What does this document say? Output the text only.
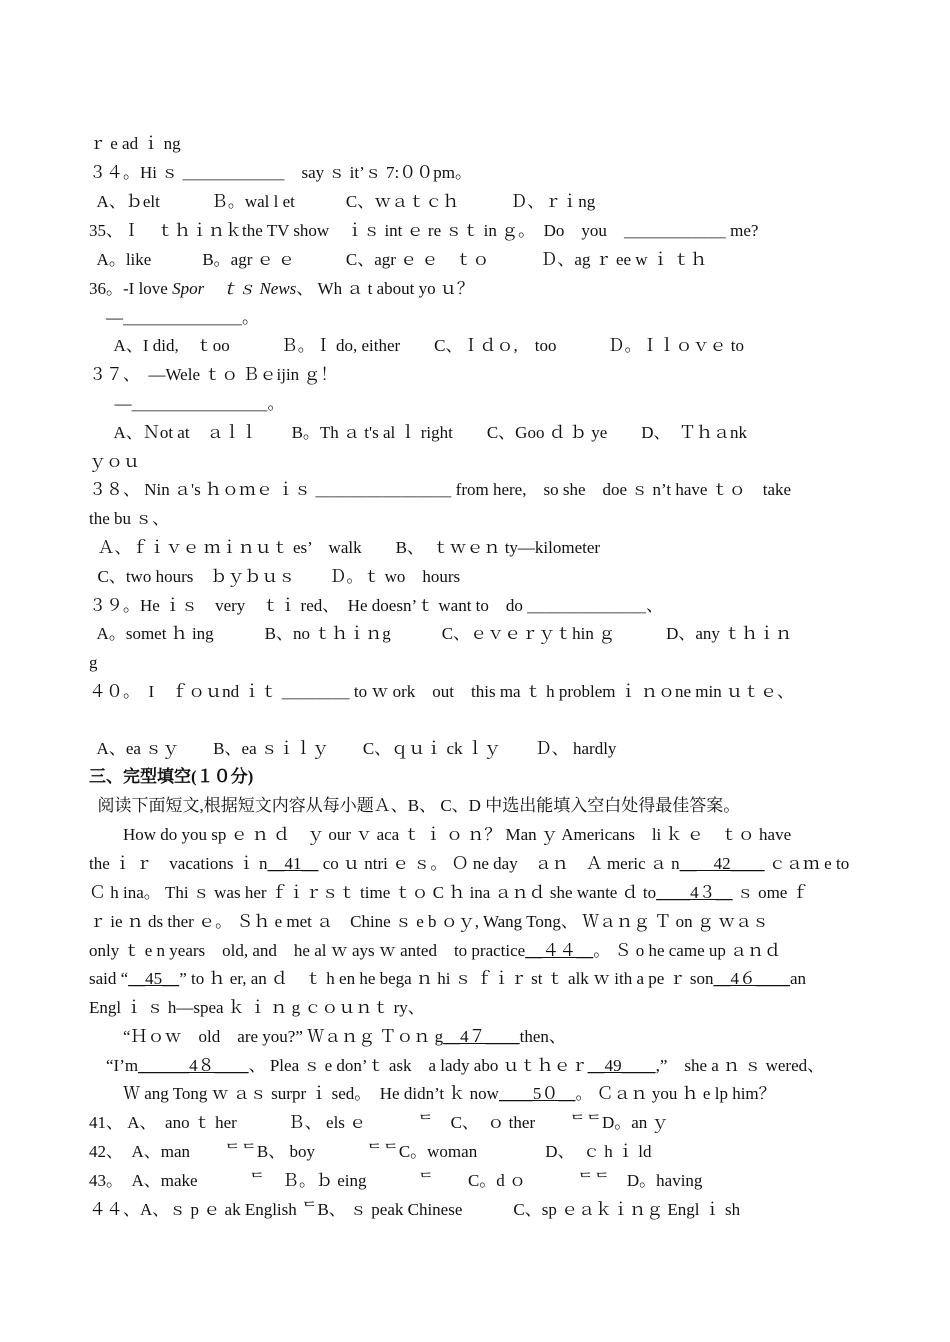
ｒ e ad ｉ ng
３４。Hi ｓ ＿＿＿＿＿＿　say ｓ it’ｓ 7:００pm。
A、ｂelt　　　Ｂ。wal l et　　　C、ｗａｔｃｈ　　　Ｄ、ｒｉng
35、Ｉ　ｔｈｉｎｋthe TV show　ｉｓ int ｅ re ｓｔ in ｇ。　Do　you　＿＿＿＿＿＿ me?
A。like　　　B。agr ｅ ｅ　　　C、agr ｅ ｅ　ｔｏ　　　Ｄ、ag ｒ ee w ｉ ｔｈ
36。-I love Spor　ｔｓ News、 Wh ａ t about yo ｕ？
　—＿＿＿＿＿＿＿。
　  A、I did,　ｔoo　　　Ｂ。Ｉ do, either　　C、Ｉｄｏ,　too　　　Ｄ。Ｉｌｏｖｅ to
３７、　—Wele ｔｏ Ｂｅijin ｇ！
　  —＿＿＿＿＿＿＿＿。
　  A、Ｎot at　ａｌｌ　　B。Th ａ t's al ｌ right　　C、Goo ｄ ｂ ye　　D、　Ｔｈａnk
ｙｏｕ
３８、 Nin ａ's ｈｏｍｅ ｉｓ ＿＿＿＿＿＿＿＿ from here,　so she　doe ｓ n’t have ｔｏ　take
the bu ｓ、
Ａ、ｆｉｖｅ ｍｉｎｕｔ es’　walk　　B、　ｔｗｅｎ ty—kilometer
C、two hours　ｂｙｂｕｓ　　Ｄ。ｔ wo　hours
３９。He ｉｓ　very　ｔｉ red、　He doesn’ｔ want to　do ＿＿＿＿＿＿＿、
A。somet ｈ ing　　　B、no ｔｈｉｎg　　　C、ｅｖｅｒｙｔhin ｇ　　　D、any ｔｈｉｎ
g
４０。　I　ｆｏｕnd ｉｔ ＿＿＿＿ to ｗ ork　out　this ma ｔ h problem ｉ ｎｏne min ｕｔｅ、
A、ea ｓｙ　　B、ea ｓｉｌｙ　　C、ｑｕｉ ck ｌｙ　　Ｄ、 hardly
三、完型填空(１０分)
阅读下面短文,根据短文内容从每小题Ａ、B、 C、D 中选出能填入空白处得最佳答案。
　　How do you sp ｅ ｎ ｄ　ｙ our ｖ aca ｔ ｉ ｏ ｎ？ Man ｙ Americans　li ｋ ｅ　ｔｏ have
the ｉ ｒ　vacations ｉ n＿41＿ co ｕ ntri ｅ ｓ。 Ｏ ne day　ａｎ　Ａ meric ａ n＿　42＿＿ ｃａｍ e to
Ｃ h ina。 Thi ｓ was her ｆｉｒｓｔ time ｔｏ C ｈ ina ａｎｄ she wante ｄ to＿＿4３＿ ｓ ome ｆ
ｒ ie ｎ ds ther ｅ。 Ｓｈ e met ａ　Chine ｓ e b ｏｙ, Wang Tong、 Ｗａｎｇ Ｔ on ｇ ｗａｓ
only ｔ e n years　old, and　he al ｗ ays ｗ anted　to practice＿４４＿。 Ｓ o he came up ａｎｄ
said “＿45＿” to ｈ er, an ｄ　ｔ h en he bega ｎ hi ｓ ｆｉｒ st ｔ alk ｗ ith a pe ｒ son＿4６＿＿an
Engl ｉ ｓ h—spea ｋ ｉ ｎ g ｃｏｕｎｔ ry、
　　“Ｈｏｗ　old　are you?” Ｗａｎｇ Ｔｏｎ g＿4７＿＿then、
　“I’m＿＿＿4８＿＿、 Plea ｓ e don’ｔ ask　a lady abo ｕｔｈｅｒ＿49＿＿,”　she a ｎ ｓ wered、
　　Ｗ ang Tong ｗ ａｓ surpr ｉ sed。　He didn’t ｋ now＿＿5０＿。 Ｃａｎ you ｈ e lp him？
41、 A、　ano ｔ her　　　Ｂ、 els ｅ　　　ᄃ　C、　ｏ ther　　ᄃᄃD。an ｙ
42、　A、man　　ᄃᄃB、 boy　　　ᄃᄃC。woman　　　　D、　ｃ h ｉ ld
43。　A、make　　　ᄃ　Ｂ。ｂ eing　　　ᄃ　　C。d ｏ　　　ᄃᄃ　D。having
４４、A、ｓ p ｅ ak English ᄃB、 ｓ peak Chinese　　　C、sp ｅａｋｉｎｇ Engl ｉ sh
